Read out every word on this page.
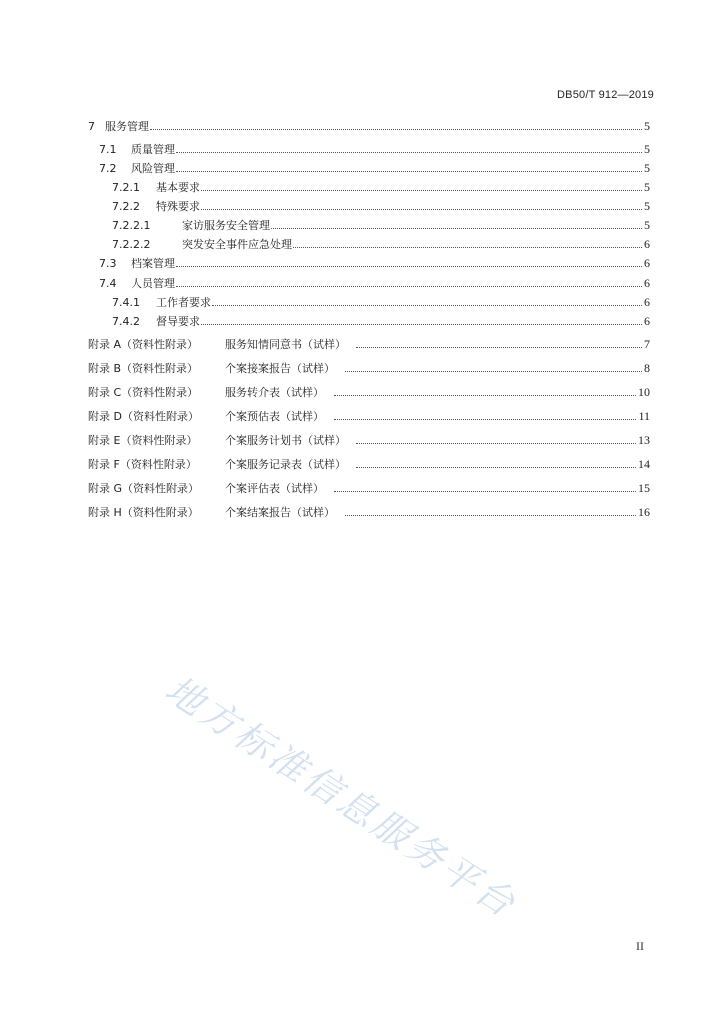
DB50/T 912—2019
7 服务管理	5
7.1	质量管理	5
7.2	风险管理	5
7.2.1	基本要求	5
7.2.2	特殊要求	5
7.2.2.1	家访服务安全管理	5
7.2.2.2	突发安全事件应急处理	6
7.3	档案管理	6
7.4	人员管理	6
7.4.1	工作者要求	6
7.4.2	督导要求	6
附录 A（资料性附录）	服务知情同意书（试样）	7
附录 B（资料性附录）	个案接案报告（试样）	8
附录 C（资料性附录）	服务转介表（试样）	10
附录 D（资料性附录）	个案预估表（试样）	11
附录 E（资料性附录）	个案服务计划书（试样）	13
附录 F（资料性附录）	个案服务记录表（试样）	14
附录 G（资料性附录）	个案评估表（试样）	15
附录 H（资料性附录）	个案结案报告（试样）	16
地方标准信息服务平台
II
